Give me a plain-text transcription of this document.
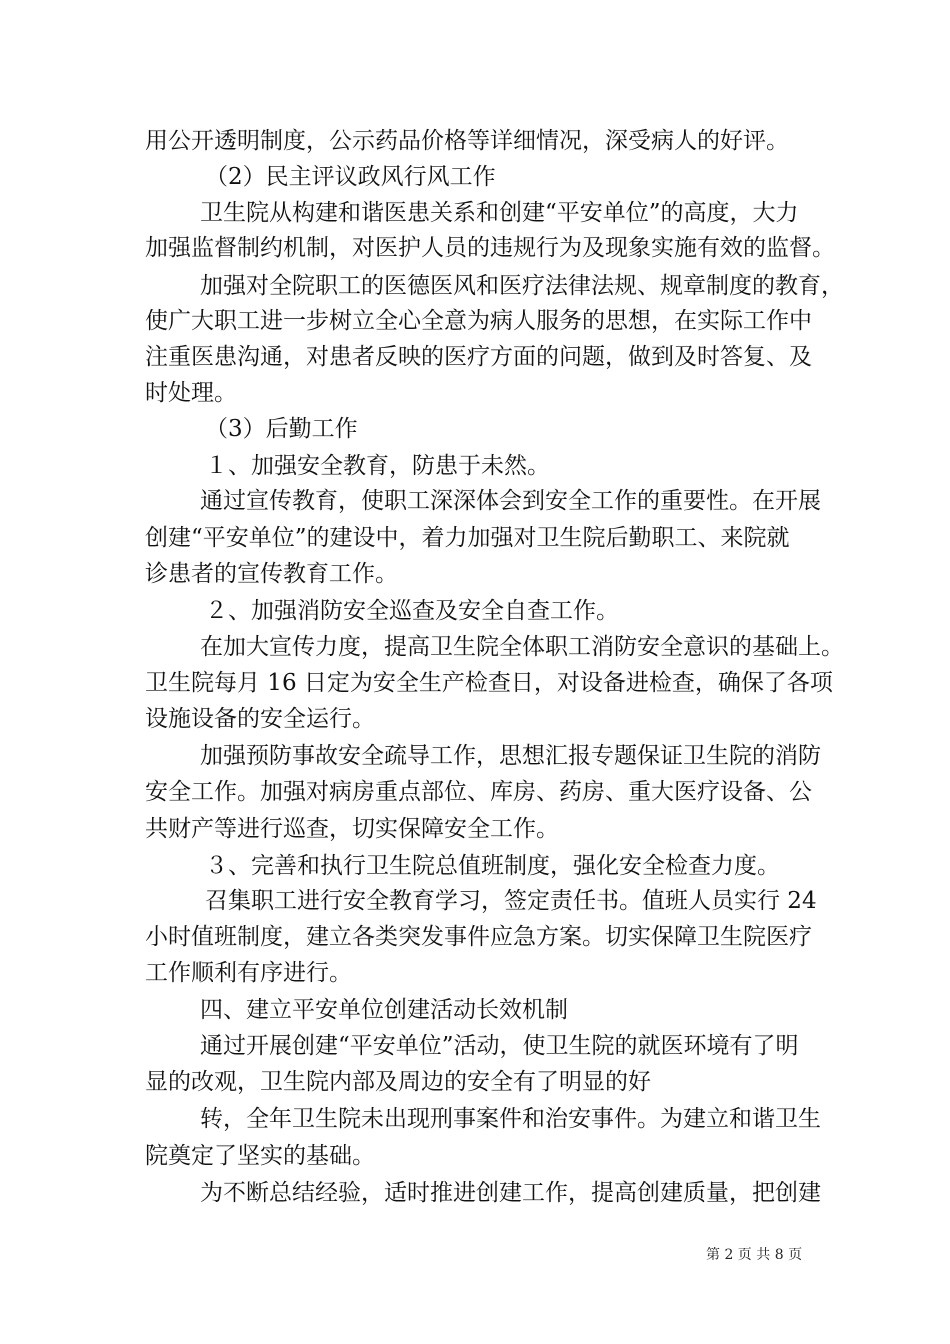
用公开透明制度，公示药品价格等详细情况，深受病人的好评。
（2）民主评议政风行风工作
卫生院从构建和谐医患关系和创建“平安单位”的高度，大力
加强监督制约机制，对医护人员的违规行为及现象实施有效的监督。
加强对全院职工的医德医风和医疗法律法规、规章制度的教育，
使广大职工进一步树立全心全意为病人服务的思想，在实际工作中
注重医患沟通，对患者反映的医疗方面的问题，做到及时答复、及
时处理。
（3）后勤工作
１、加强安全教育，防患于未然。
通过宣传教育，使职工深深体会到安全工作的重要性。在开展
创建“平安单位”的建设中，着力加强对卫生院后勤职工、来院就
诊患者的宣传教育工作。
２、加强消防安全巡查及安全自查工作。
在加大宣传力度，提高卫生院全体职工消防安全意识的基础上。
卫生院每月 16 日定为安全生产检查日，对设备进检查，确保了各项
设施设备的安全运行。
加强预防事故安全疏导工作，思想汇报专题保证卫生院的消防
安全工作。加强对病房重点部位、库房、药房、重大医疗设备、公
共财产等进行巡查，切实保障安全工作。
３、完善和执行卫生院总值班制度，强化安全检查力度。
召集职工进行安全教育学习，签定责任书。值班人员实行 24
小时值班制度，建立各类突发事件应急方案。切实保障卫生院医疗
工作顺利有序进行。
四、建立平安单位创建活动长效机制
通过开展创建“平安单位”活动，使卫生院的就医环境有了明
显的改观，卫生院内部及周边的安全有了明显的好
转，全年卫生院未出现刑事案件和治安事件。为建立和谐卫生
院奠定了坚实的基础。
为不断总结经验，适时推进创建工作，提高创建质量，把创建
第 2 页 共 8 页
